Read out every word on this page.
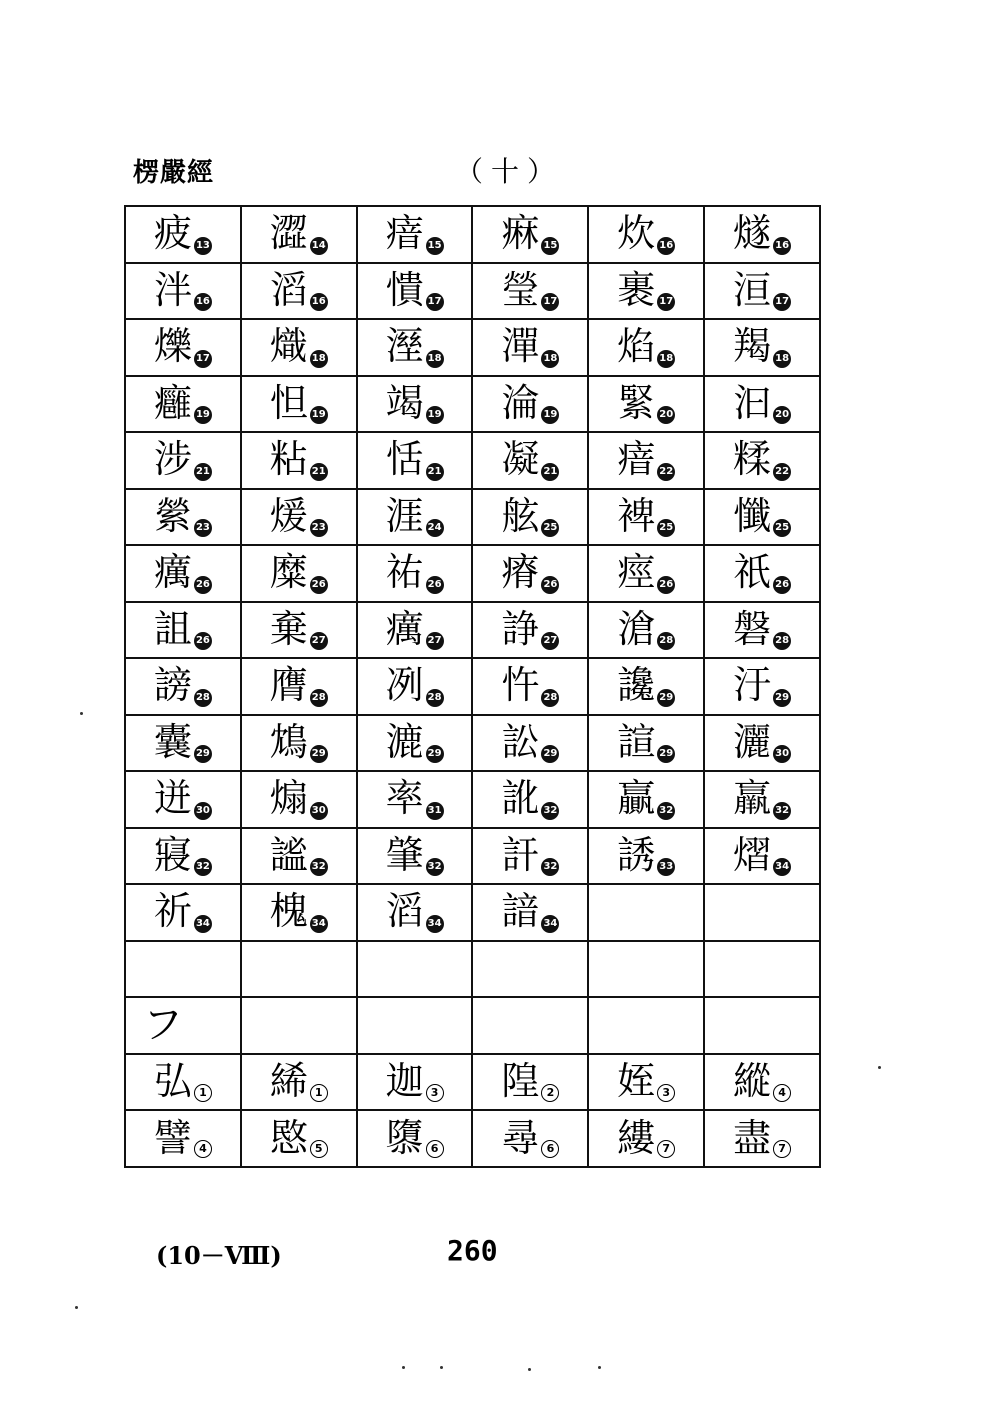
楞嚴經	（十）
疲 13	澀 14	瘖 15	痳 15	炊 16	燧 16
泮 16	滔 16	憒 17	瑩 17	裹 17	洹 17
爍 17	熾 18	溼 18	潬 18	焰 18	羯 18
癰 19	怛 19	竭 19	淪 19	緊 20	汩 20
涉 21	粘 21	恬 21	凝 21	瘖 22	糅 22
縈 23	煖 23	涯 24	舷 25	裨 25	懺 25
癘 26	糜 26	祐 26	瘠 26	痙 26	祇 26
詛 26	棄 27	癘 27	諍 27	滄 28	磐 28
謗 28	膺 28	冽 28	忤 28	讒 29	汙 29
囊 29	鴆 29	漉 29	訟 29	諠 29	灑 30
迸 30	煽 30	率 31	訛 32	贏 32	羸 32
寢 32	謐 32	肇 32	訐 32	誘 33	熠 34
祈 34	槐 34	滔 34	諳 34		

フ					
弘 1	絺 1	迦 3	隍 2	姪 3	縱 4
譬 4	愍 5	隳 6	尋 6	縷 7	盡 7
(10－Ⅷ)	260
